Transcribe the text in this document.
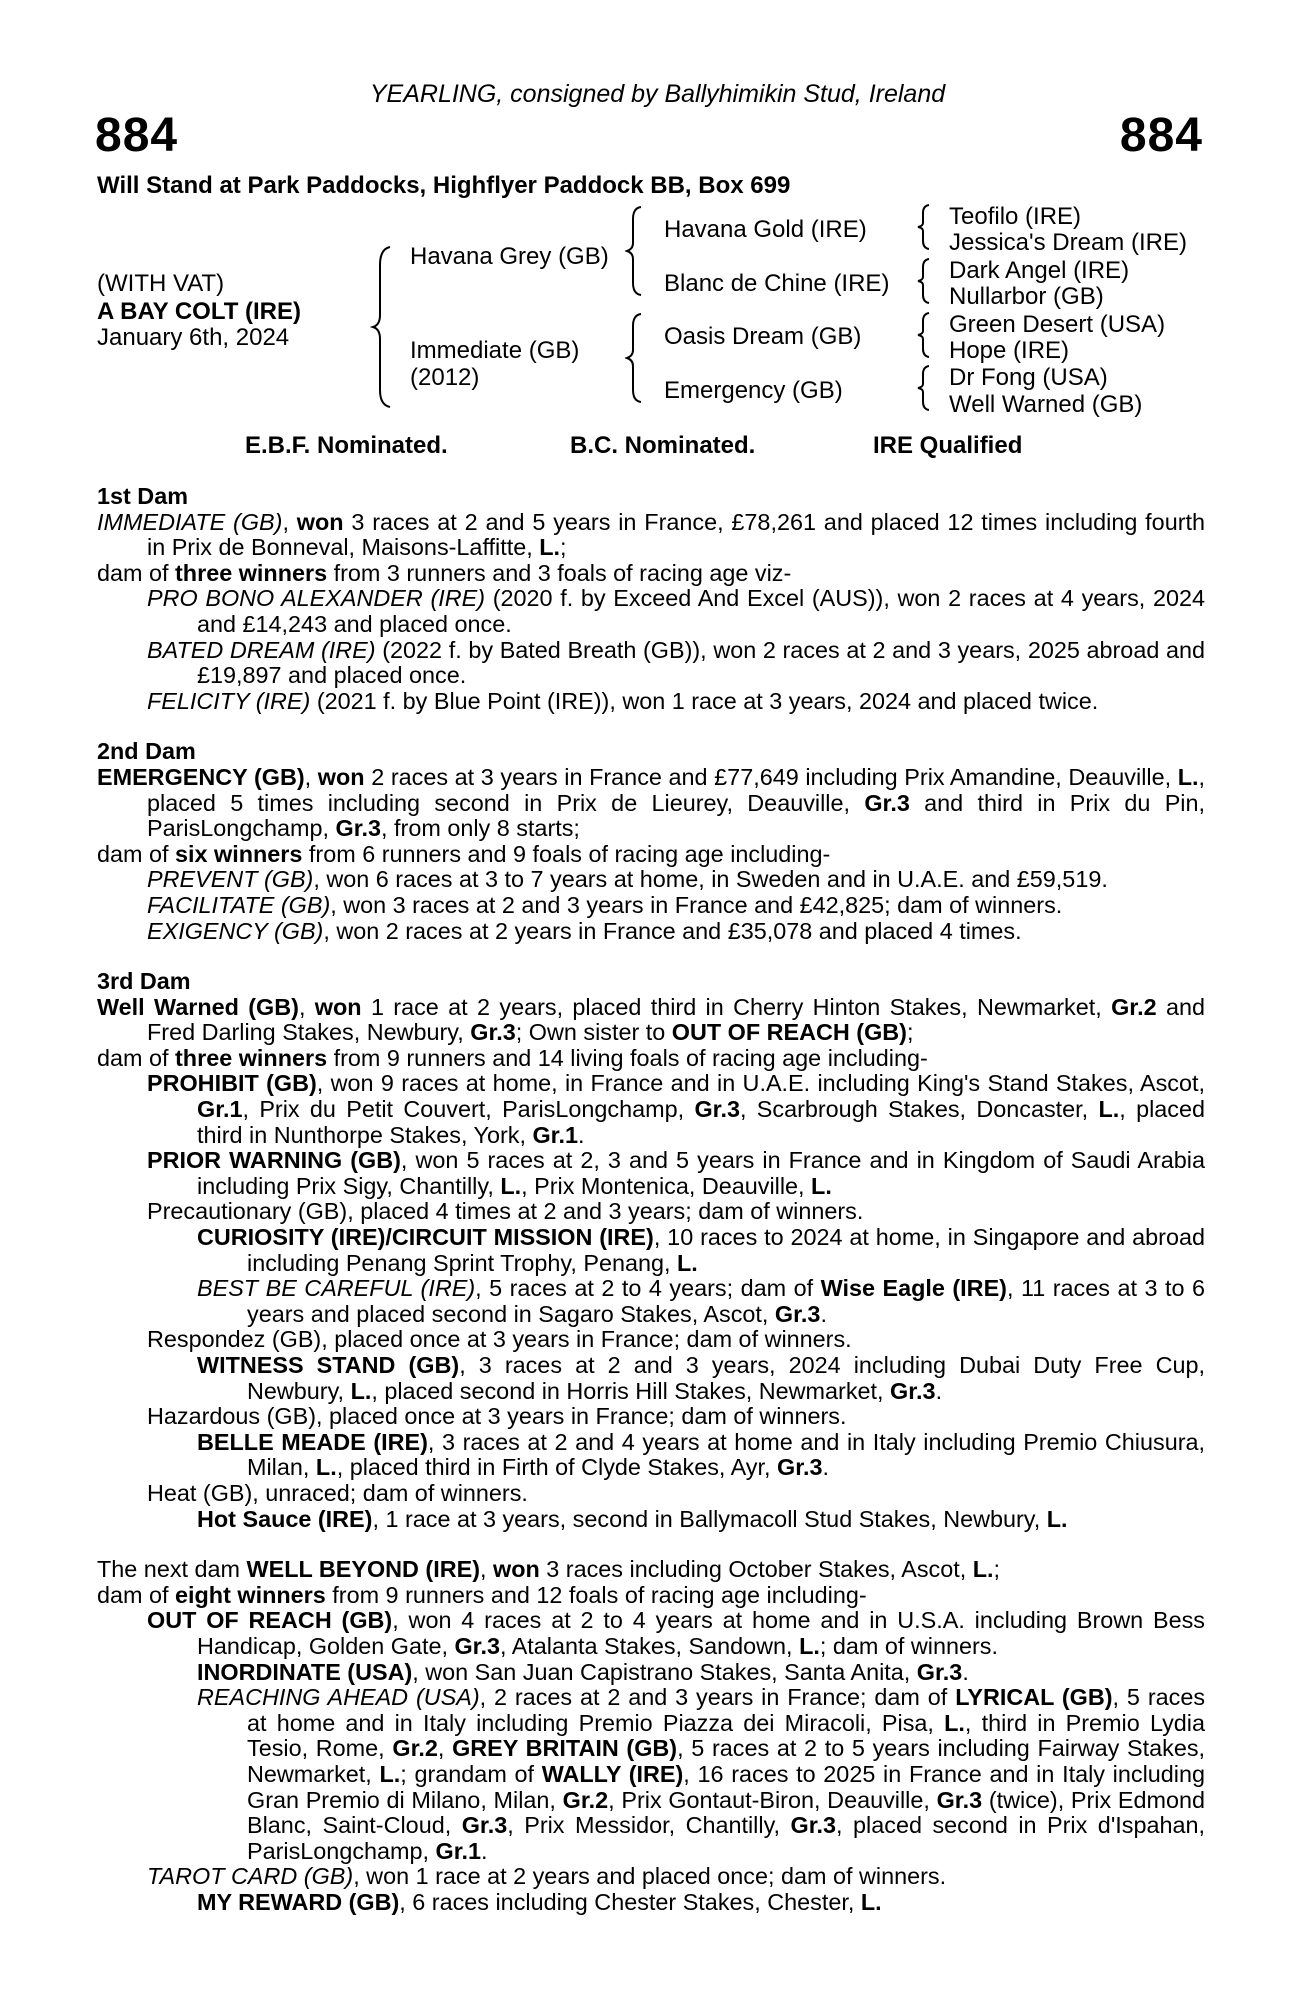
YEARLING, consigned by Ballyhimikin Stud, Ireland
884	884
Will Stand at Park Paddocks, Highflyer Paddock BB, Box 699
(WITH VAT)
A BAY COLT (IRE)
January 6th, 2024
Havana Grey (GB)
Immediate (GB)
(2012)
Havana Gold (IRE)
Blanc de Chine (IRE)
Oasis Dream (GB)
Emergency (GB)
Teofilo (IRE)
Jessica's Dream (IRE)
Dark Angel (IRE)
Nullarbor (GB)
Green Desert (USA)
Hope (IRE)
Dr Fong (USA)
Well Warned (GB)
E.B.F. Nominated.	B.C. Nominated.	IRE Qualified
1st Dam
IMMEDIATE (GB), won 3 races at 2 and 5 years in France, £78,261 and placed 12 times including fourth in Prix de Bonneval, Maisons-Laffitte, L.;
dam of three winners from 3 runners and 3 foals of racing age viz-
PRO BONO ALEXANDER (IRE) (2020 f. by Exceed And Excel (AUS)), won 2 races at 4 years, 2024 and £14,243 and placed once.
BATED DREAM (IRE) (2022 f. by Bated Breath (GB)), won 2 races at 2 and 3 years, 2025 abroad and £19,897 and placed once.
FELICITY (IRE) (2021 f. by Blue Point (IRE)), won 1 race at 3 years, 2024 and placed twice.
2nd Dam
EMERGENCY (GB), won 2 races at 3 years in France and £77,649 including Prix Amandine, Deauville, L., placed 5 times including second in Prix de Lieurey, Deauville, Gr.3 and third in Prix du Pin, ParisLongchamp, Gr.3, from only 8 starts;
dam of six winners from 6 runners and 9 foals of racing age including-
PREVENT (GB), won 6 races at 3 to 7 years at home, in Sweden and in U.A.E. and £59,519.
FACILITATE (GB), won 3 races at 2 and 3 years in France and £42,825; dam of winners.
EXIGENCY (GB), won 2 races at 2 years in France and £35,078 and placed 4 times.
3rd Dam
Well Warned (GB), won 1 race at 2 years, placed third in Cherry Hinton Stakes, Newmarket, Gr.2 and Fred Darling Stakes, Newbury, Gr.3; Own sister to OUT OF REACH (GB);
dam of three winners from 9 runners and 14 living foals of racing age including-
PROHIBIT (GB), won 9 races at home, in France and in U.A.E. including King's Stand Stakes, Ascot, Gr.1, Prix du Petit Couvert, ParisLongchamp, Gr.3, Scarbrough Stakes, Doncaster, L., placed third in Nunthorpe Stakes, York, Gr.1.
PRIOR WARNING (GB), won 5 races at 2, 3 and 5 years in France and in Kingdom of Saudi Arabia including Prix Sigy, Chantilly, L., Prix Montenica, Deauville, L.
Precautionary (GB), placed 4 times at 2 and 3 years; dam of winners.
CURIOSITY (IRE)/CIRCUIT MISSION (IRE), 10 races to 2024 at home, in Singapore and abroad including Penang Sprint Trophy, Penang, L.
BEST BE CAREFUL (IRE), 5 races at 2 to 4 years; dam of Wise Eagle (IRE), 11 races at 3 to 6 years and placed second in Sagaro Stakes, Ascot, Gr.3.
Respondez (GB), placed once at 3 years in France; dam of winners.
WITNESS STAND (GB), 3 races at 2 and 3 years, 2024 including Dubai Duty Free Cup, Newbury, L., placed second in Horris Hill Stakes, Newmarket, Gr.3.
Hazardous (GB), placed once at 3 years in France; dam of winners.
BELLE MEADE (IRE), 3 races at 2 and 4 years at home and in Italy including Premio Chiusura, Milan, L., placed third in Firth of Clyde Stakes, Ayr, Gr.3.
Heat (GB), unraced; dam of winners.
Hot Sauce (IRE), 1 race at 3 years, second in Ballymacoll Stud Stakes, Newbury, L.
The next dam WELL BEYOND (IRE), won 3 races including October Stakes, Ascot, L.;
dam of eight winners from 9 runners and 12 foals of racing age including-
OUT OF REACH (GB), won 4 races at 2 to 4 years at home and in U.S.A. including Brown Bess Handicap, Golden Gate, Gr.3, Atalanta Stakes, Sandown, L.; dam of winners.
INORDINATE (USA), won San Juan Capistrano Stakes, Santa Anita, Gr.3.
REACHING AHEAD (USA), 2 races at 2 and 3 years in France; dam of LYRICAL (GB), 5 races at home and in Italy including Premio Piazza dei Miracoli, Pisa, L., third in Premio Lydia Tesio, Rome, Gr.2, GREY BRITAIN (GB), 5 races at 2 to 5 years including Fairway Stakes, Newmarket, L.; grandam of WALLY (IRE), 16 races to 2025 in France and in Italy including Gran Premio di Milano, Milan, Gr.2, Prix Gontaut-Biron, Deauville, Gr.3 (twice), Prix Edmond Blanc, Saint-Cloud, Gr.3, Prix Messidor, Chantilly, Gr.3, placed second in Prix d'Ispahan, ParisLongchamp, Gr.1.
TAROT CARD (GB), won 1 race at 2 years and placed once; dam of winners.
MY REWARD (GB), 6 races including Chester Stakes, Chester, L.
